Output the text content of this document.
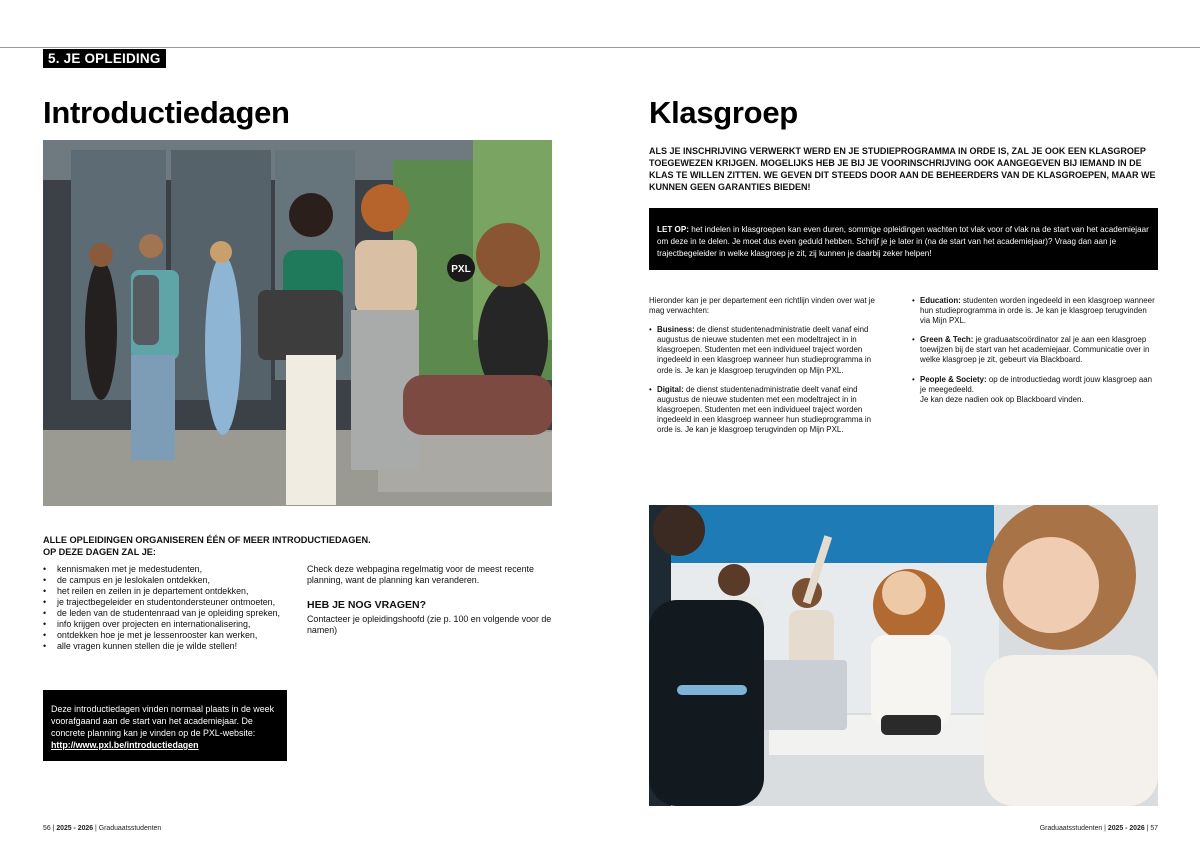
5. JE OPLEIDING
Introductiedagen
PXL
ALLE OPLEIDINGEN ORGANISEREN ÉÉN OF MEER INTRODUCTIEDAGEN. OP DEZE DAGEN ZAL JE:
• kennismaken met je medestudenten,
• de campus en je leslokalen ontdekken,
• het reilen en zeilen in je departement ontdekken,
• je trajectbegeleider en studentondersteuner ontmoeten,
• de leden van de studentenraad van je opleiding spreken,
• info krijgen over projecten en internationalisering,
• ontdekken hoe je met je lessenrooster kan werken,
• alle vragen kunnen stellen die je wilde stellen!

Check deze webpagina regelmatig voor de meest recente planning, want de planning kan veranderen.

HEB JE NOG VRAGEN?

Contacteer je opleidingshoofd (zie p. 100 en volgende voor de namen)

Deze introductiedagen vinden normaal plaats in de week voorafgaand aan de start van het academiejaar. De concrete planning kan je vinden op de PXL-website: http://www.pxl.be/introductiedagen
56 | 2025 - 2026 | Graduaatsstudenten
Klasgroep

ALS JE INSCHRIJVING VERWERKT WERD EN JE STUDIEPROGRAMMA IN ORDE IS, ZAL JE OOK EEN KLASGROEP TOEGEWEZEN KRIJGEN. MOGELIJKS HEB JE BIJ JE VOORINSCHRIJVING OOK AANGEGEVEN BIJ IEMAND IN DE KLAS TE WILLEN ZITTEN. WE GEVEN DIT STEEDS DOOR AAN DE BEHEERDERS VAN DE KLASGROEPEN, MAAR WE KUNNEN GEEN GARANTIES BIEDEN!

LET OP: het indelen in klasgroepen kan even duren, sommige opleidingen wachten tot vlak voor of vlak na de start van het academiejaar om deze in te delen. Je moet dus even geduld hebben. Schrijf je je later in (na de start van het academiejaar)? Vraag dan aan je trajectbegeleider in welke klasgroep je zit, zij kunnen je daarbij zeker helpen!

Hieronder kan je per departement een richtlijn vinden over wat je mag verwachten:

• Business: de dienst studentenadministratie deelt vanaf eind augustus de nieuwe studenten met een modeltraject in in klasgroepen. Studenten met een individueel traject worden ingedeeld in een klasgroep wanneer hun studieprogramma in orde is. Je kan je klasgroep terugvinden op Mijn PXL.
• Digital: de dienst studentenadministratie deelt vanaf eind augustus de nieuwe studenten met een modeltraject in in klasgroepen. Studenten met een individueel traject worden ingedeeld in een klasgroep wanneer hun studieprogramma in orde is. Je kan je klasgroep terugvinden op Mijn PXL.
• Education: studenten worden ingedeeld in een klasgroep wanneer hun studieprogramma in orde is. Je kan je klasgroep terugvinden via Mijn PXL.
• Green & Tech: je graduaatscoördinator zal je aan een klasgroep toewijzen bij de start van het academiejaar. Communicatie over in welke klasgroep je zit, gebeurt via Blackboard.
• People & Society: op de introductiedag wordt jouw klasgroep aan je meegedeeld.
Je kan deze nadien ook op Blackboard vinden.
Graduaatsstudenten | 2025 - 2026 | 57
